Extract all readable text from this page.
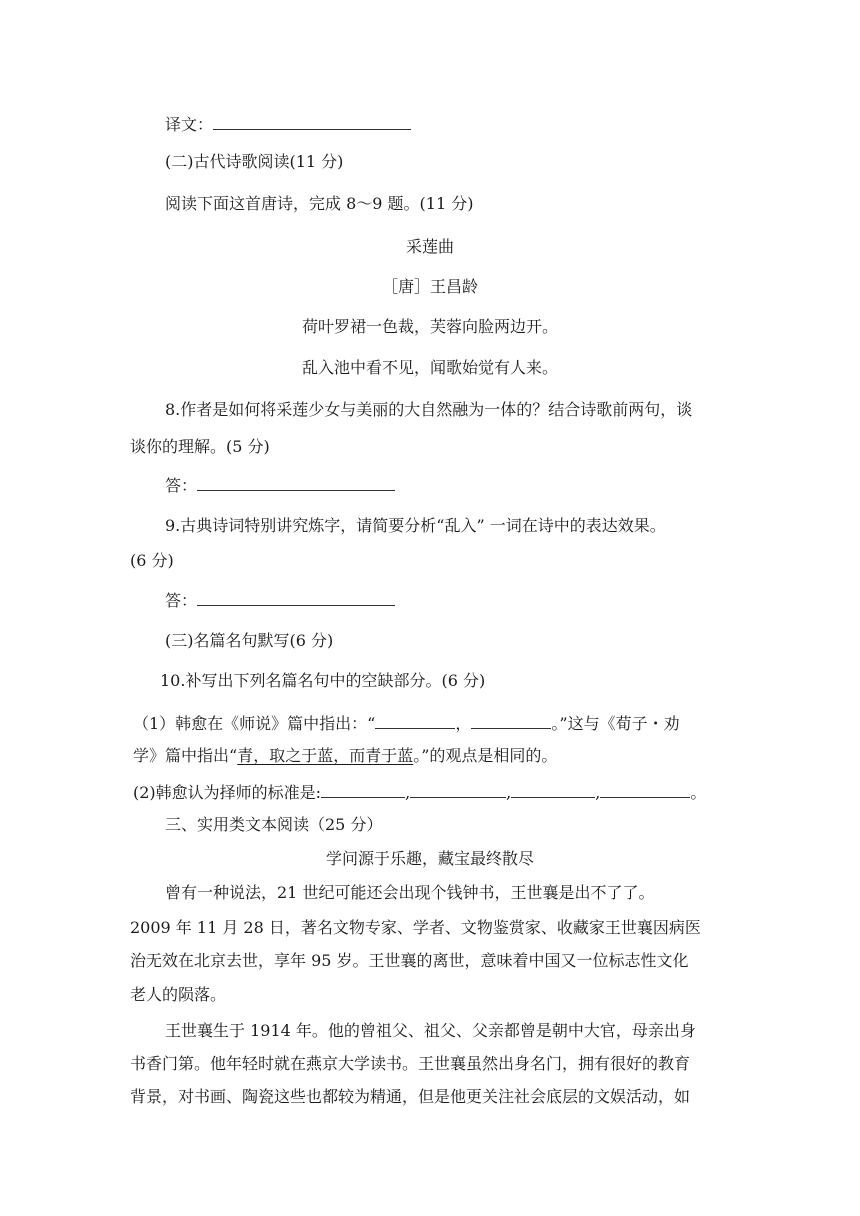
译文：
(二)古代诗歌阅读(11 分)
阅读下面这首唐诗，完成 8～9 题。(11 分)
采莲曲
［唐］王昌龄
荷叶罗裙一色裁，芙蓉向脸两边开。
乱入池中看不见，闻歌始觉有人来。
8.作者是如何将采莲少女与美丽的大自然融为一体的？结合诗歌前两句，谈
谈你的理解。(5 分)
答：
9.古典诗词特别讲究炼字，请简要分析“乱入” 一词在诗中的表达效果。
(6 分)
答：
(三)名篇名句默写(6 分)
10.补写出下列名篇名句中的空缺部分。(6 分)
（1）韩愈在《师说》篇中指出：“	，	。”这与《荀子・劝
学》篇中指出“青，取之于蓝，而青于蓝。”的观点是相同的。
(2)韩愈认为择师的标准是:	,	,	,	。
三、实用类文本阅读（25 分）
学问源于乐趣，藏宝最终散尽
曾有一种说法，21 世纪可能还会出现个钱钟书，王世襄是出不了了。
2009 年 11 月 28 日，著名文物专家、学者、文物鉴赏家、收藏家王世襄因病医
治无效在北京去世，享年 95 岁。王世襄的离世，意味着中国又一位标志性文化
老人的陨落。
王世襄生于 1914 年。他的曾祖父、祖父、父亲都曾是朝中大官，母亲出身
书香门第。他年轻时就在燕京大学读书。王世襄虽然出身名门，拥有很好的教育
背景，对书画、陶瓷这些也都较为精通，但是他更关注社会底层的文娱活动，如
